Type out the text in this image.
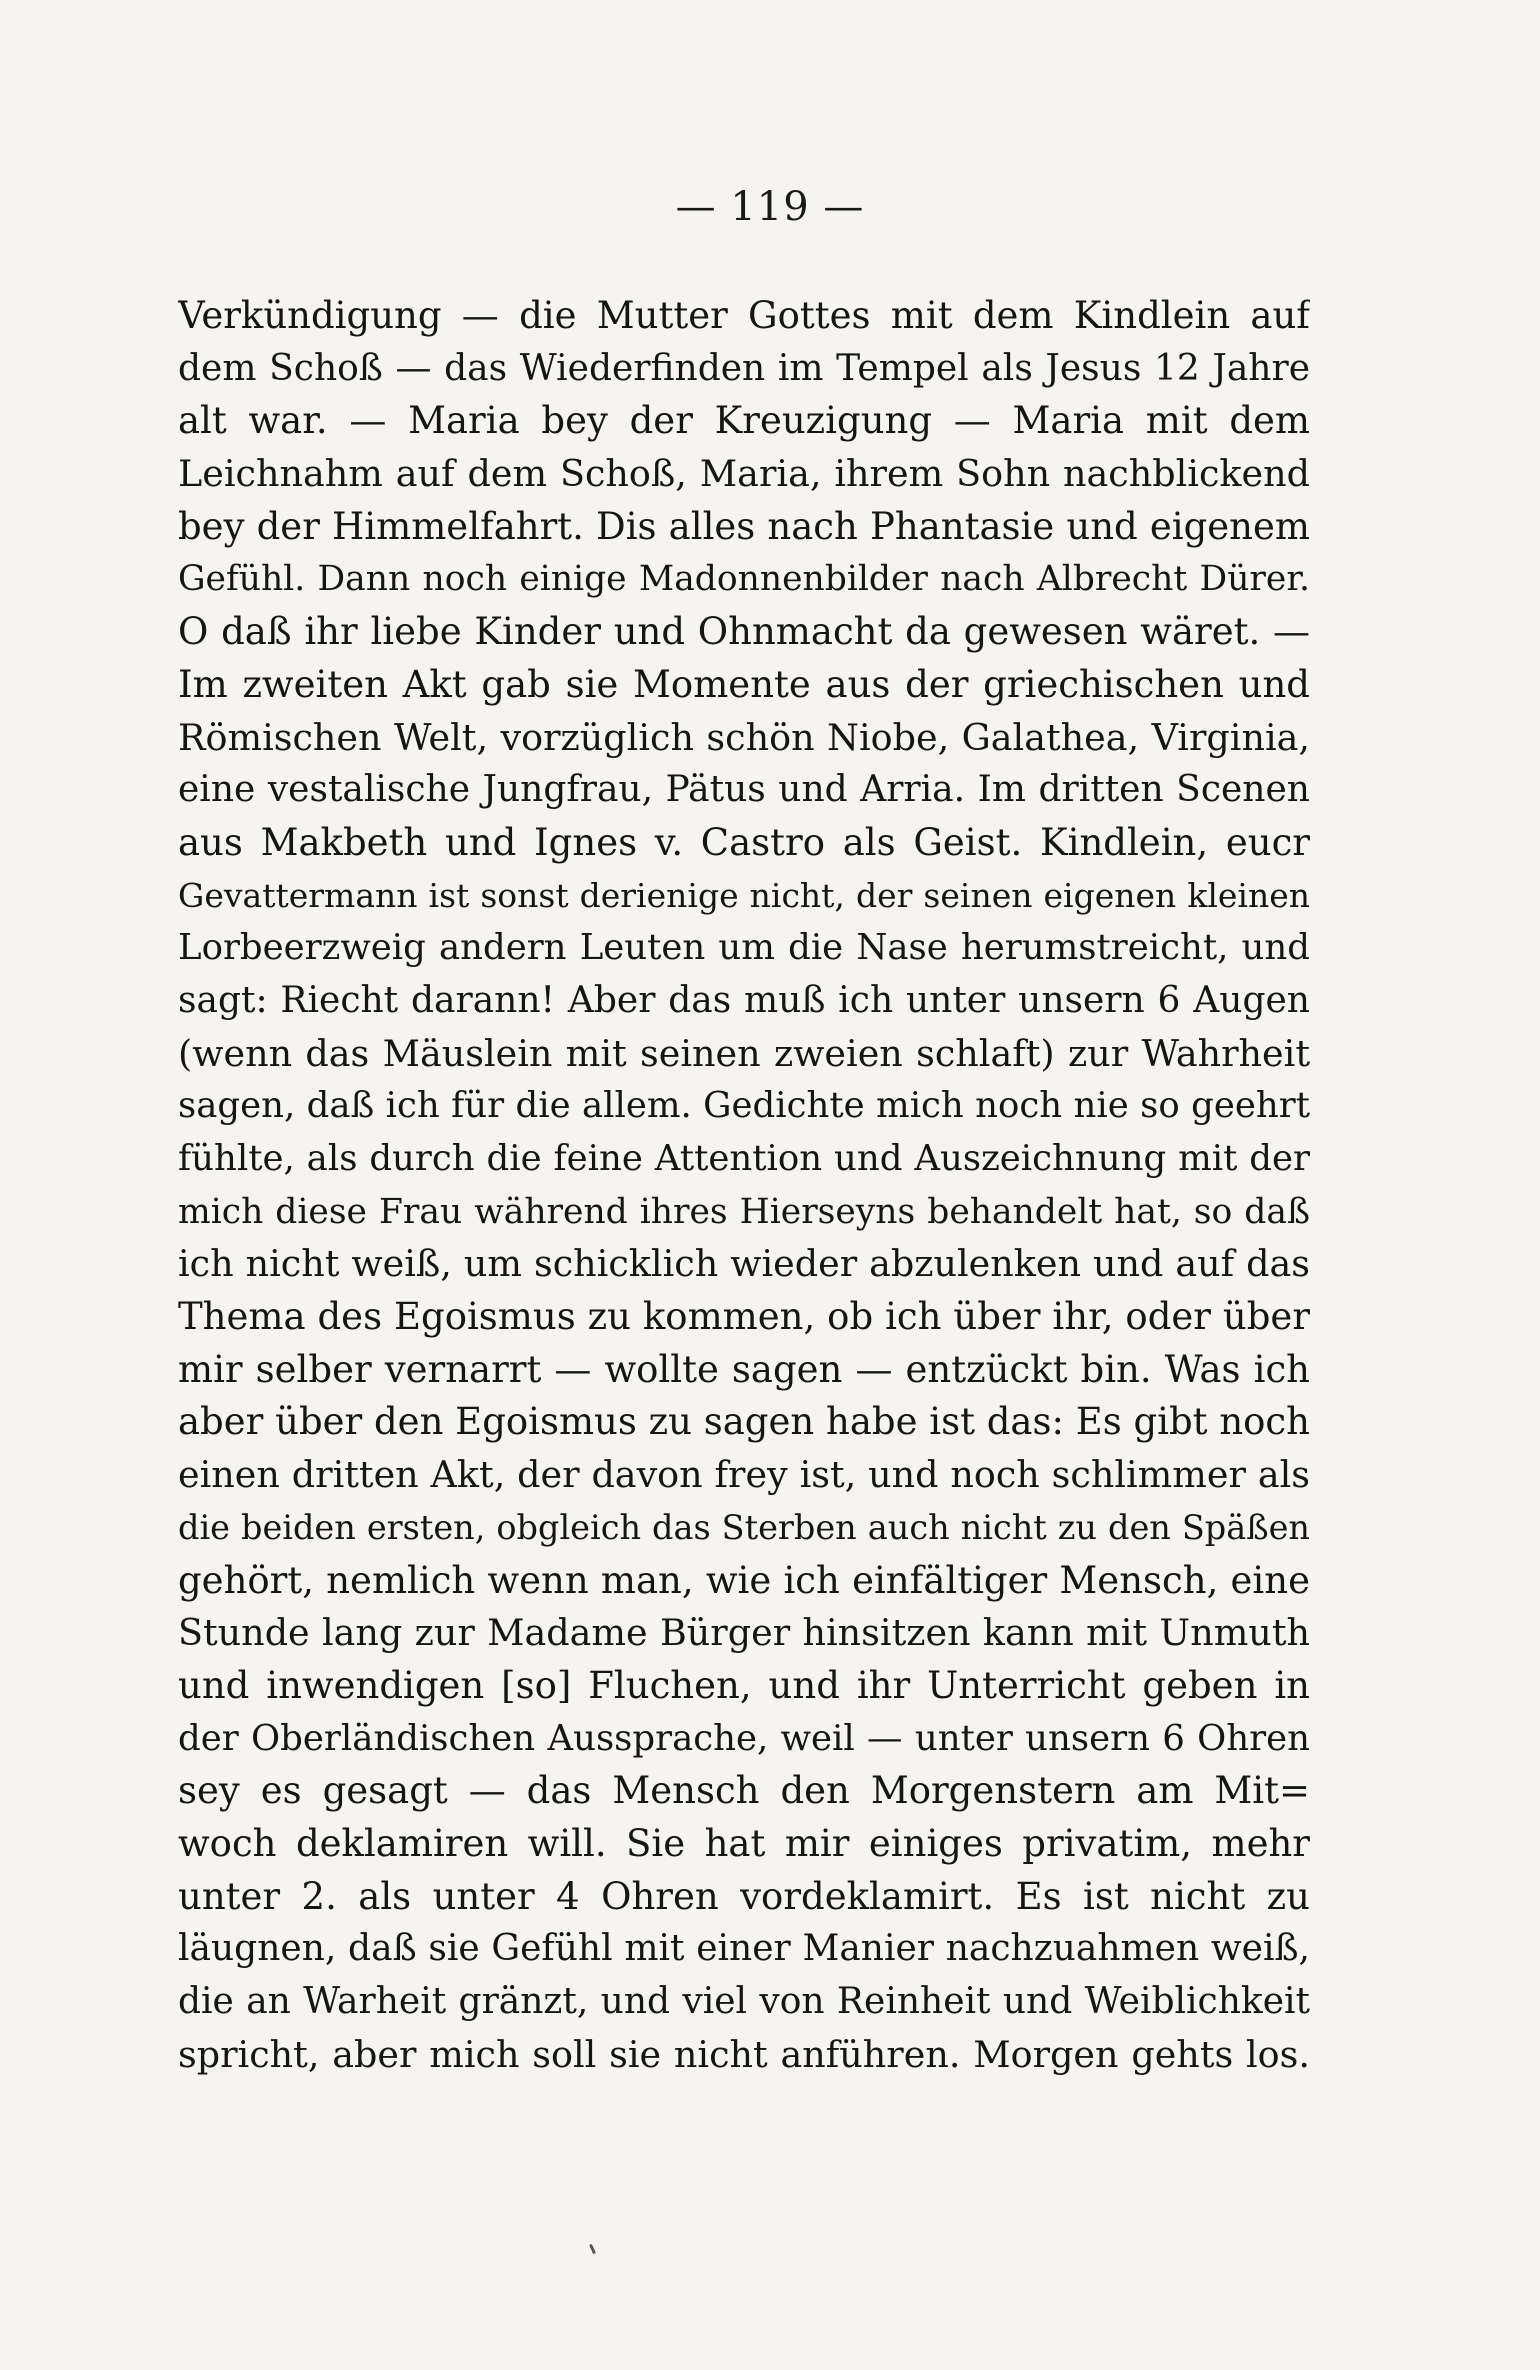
— 119 —
Verkündigung — die Mutter Gottes mit dem Kindlein auf
dem Schoß — das Wiederfinden im Tempel als Jesus 12 Jahre
alt war. — Maria bey der Kreuzigung — Maria mit dem
Leichnahm auf dem Schoß, Maria, ihrem Sohn nachblickend
bey der Himmelfahrt. Dis alles nach Phantasie und eigenem
Gefühl. Dann noch einige Madonnenbilder nach Albrecht Dürer.
O daß ihr liebe Kinder und Ohnmacht da gewesen wäret. —
Im zweiten Akt gab sie Momente aus der griechischen und
Römischen Welt, vorzüglich schön Niobe, Galathea, Virginia,
eine vestalische Jungfrau, Pätus und Arria. Im dritten Scenen
aus Makbeth und Ignes v. Castro als Geist. Kindlein, eucr
Gevattermann ist sonst derienige nicht, der seinen eigenen kleinen
Lorbeerzweig andern Leuten um die Nase herumstreicht, und
sagt: Riecht darann! Aber das muß ich unter unsern 6 Augen
(wenn das Mäuslein mit seinen zweien schlaft) zur Wahrheit
sagen, daß ich für die allem. Gedichte mich noch nie so geehrt
fühlte, als durch die feine Attention und Auszeichnung mit der
mich diese Frau während ihres Hierseyns behandelt hat, so daß
ich nicht weiß, um schicklich wieder abzulenken und auf das
Thema des Egoismus zu kommen, ob ich über ihr, oder über
mir selber vernarrt — wollte sagen — entzückt bin. Was ich
aber über den Egoismus zu sagen habe ist das: Es gibt noch
einen dritten Akt, der davon frey ist, und noch schlimmer als
die beiden ersten, obgleich das Sterben auch nicht zu den Späßen
gehört, nemlich wenn man, wie ich einfältiger Mensch, eine
Stunde lang zur Madame Bürger hinsitzen kann mit Unmuth
und inwendigen [so] Fluchen, und ihr Unterricht geben in
der Oberländischen Aussprache, weil — unter unsern 6 Ohren
sey es gesagt — das Mensch den Morgenstern am Mit=
woch deklamiren will. Sie hat mir einiges privatim, mehr
unter 2. als unter 4 Ohren vordeklamirt. Es ist nicht zu
läugnen, daß sie Gefühl mit einer Manier nachzuahmen weiß,
die an Warheit gränzt, und viel von Reinheit und Weiblichkeit
spricht, aber mich soll sie nicht anführen. Morgen gehts los.
